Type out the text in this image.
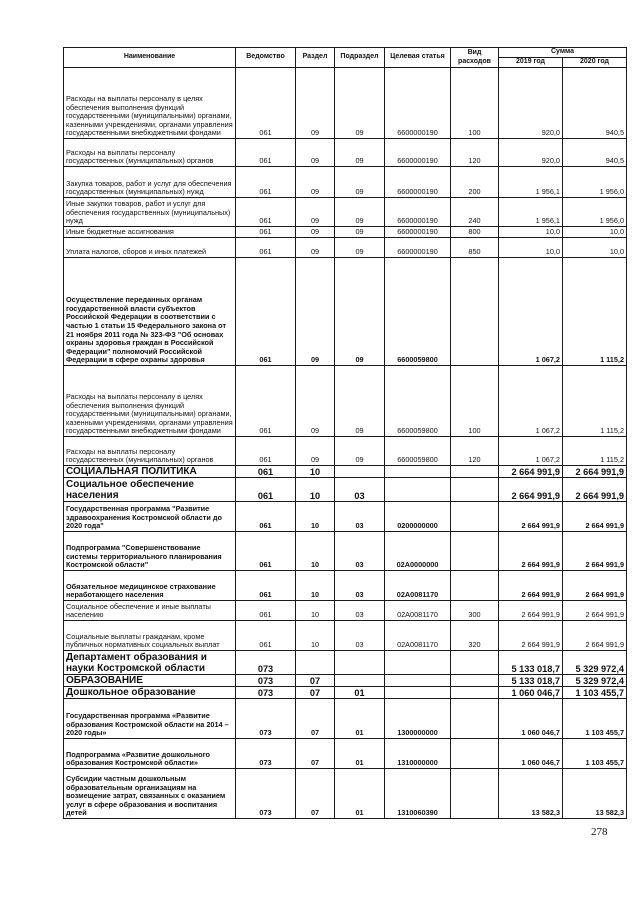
Наименование	Ведомство	Раздел	Подраздел	Целевая статья	Вид расходов	Сумма	
						2019 год	2020 год
Расходы на выплаты персоналу в целях обеспечения выполнения функций государственными (муниципальными) органами, казенными учреждениями, органами управления государственными внебюджетными фондами	061	09	09	6600000190	100	920,0	940,5
Расходы на выплаты персоналу государственных (муниципальных) органов	061	09	09	6600000190	120	920,0	940,5
Закупка товаров, работ и услуг для обеспечения государственных (муниципальных) нужд	061	09	09	6600000190	200	1 956,1	1 956,0
Иные закупки товаров, работ и услуг для обеспечения государственных (муниципальных) нужд	061	09	09	6600000190	240	1 956,1	1 956,0
Иные бюджетные ассигнования	061	09	09	6600000190	800	10,0	10,0
Уплата налогов, сборов и иных платежей	061	09	09	6600000190	850	10,0	10,0
Осуществление переданных органам государственной власти субъектов Российской Федерации в соответствии с частью 1 статьи 15 Федерального закона от 21 ноября 2011 года № 323-ФЗ "Об основах охраны здоровья граждан в Российской Федерации" полномочий Российской Федерации в сфере охраны здоровья	061	09	09	6600059800		1 067,2	1 115,2
Расходы на выплаты персоналу в целях обеспечения выполнения функций государственными (муниципальными) органами, казенными учреждениями, органами управления государственными внебюджетными фондами	061	09	09	6600059800	100	1 067,2	1 115,2
Расходы на выплаты персоналу государственных (муниципальных) органов	061	09	09	6600059800	120	1 067,2	1 115,2
СОЦИАЛЬНАЯ ПОЛИТИКА	061	10				2 664 991,9	2 664 991,9
Социальное обеспечение населения	061	10	03			2 664 991,9	2 664 991,9
Государственная программа "Развитие здравоохранения Костромской области до 2020 года"	061	10	03	0200000000		2 664 991,9	2 664 991,9
Подпрограмма "Совершенствование системы территориального планирования Костромской области"	061	10	03	02А0000000		2 664 991,9	2 664 991,9
Обязательное медицинское страхование неработающего населения	061	10	03	02А0081170		2 664 991,9	2 664 991,9
Социальное обеспечение и иные выплаты населению	061	10	03	02А0081170	300	2 664 991,9	2 664 991,9
Социальные выплаты гражданам, кроме публичных нормативных социальных выплат	061	10	03	02А0081170	320	2 664 991,9	2 664 991,9
Департамент образования и науки Костромской области	073					5 133 018,7	5 329 972,4
ОБРАЗОВАНИЕ	073	07				5 133 018,7	5 329 972,4
Дошкольное образование	073	07	01			1 060 046,7	1 103 455,7
Государственная программа «Развитие образования Костромской области на 2014 – 2020 годы»	073	07	01	1300000000		1 060 046,7	1 103 455,7
Подпрограмма «Развитие дошкольного образования Костромской области»	073	07	01	1310000000		1 060 046,7	1 103 455,7
Субсидии частным дошкольным образовательным организациям на возмещение затрат, связанных с оказанием услуг в сфере образования и воспитания детей	073	07	01	1310060390		13 582,3	13 582,3
278
